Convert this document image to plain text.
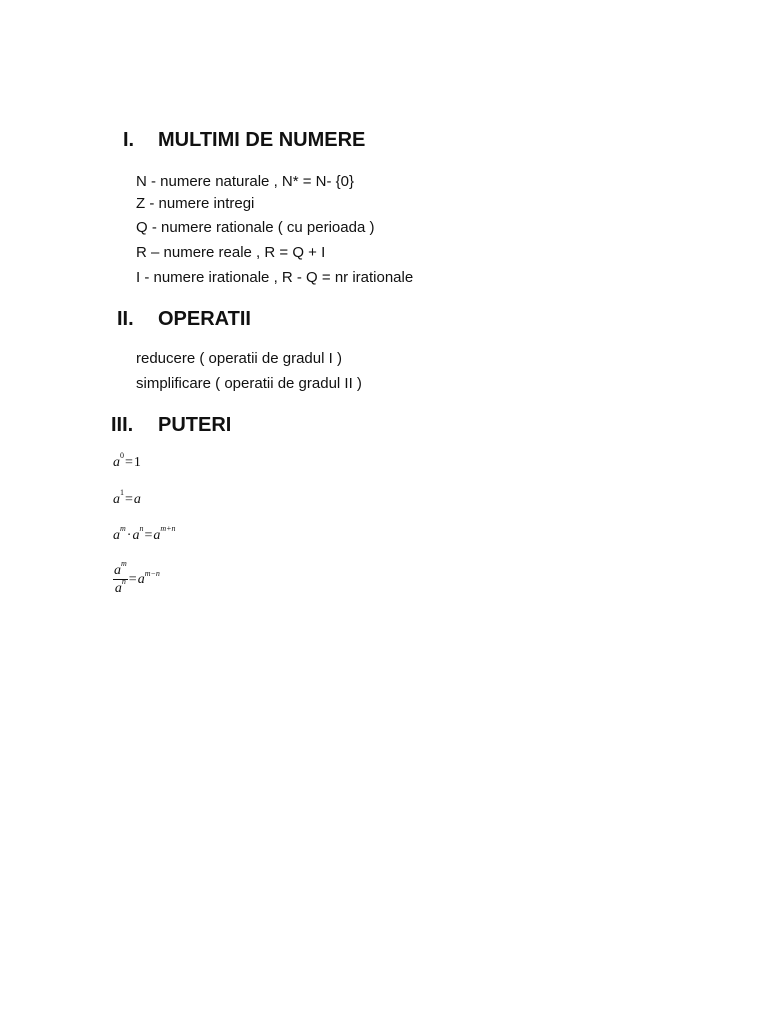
I. MULTIMI DE NUMERE
N - numere naturale , N* = N- {0}
Z - numere intregi
Q - numere rationale ( cu perioada )
R – numere reale , R = Q + I
I - numere irationale , R - Q = nr irationale
II. OPERATII
reducere ( operatii de gradul I )
simplificare ( operatii de gradul II )
III. PUTERI
$a^0=1$
$a^1=a$
$a^m\cdot a^n=a^{m+n}$
$\frac{a^m}{a^n} =a^{m-n}$
